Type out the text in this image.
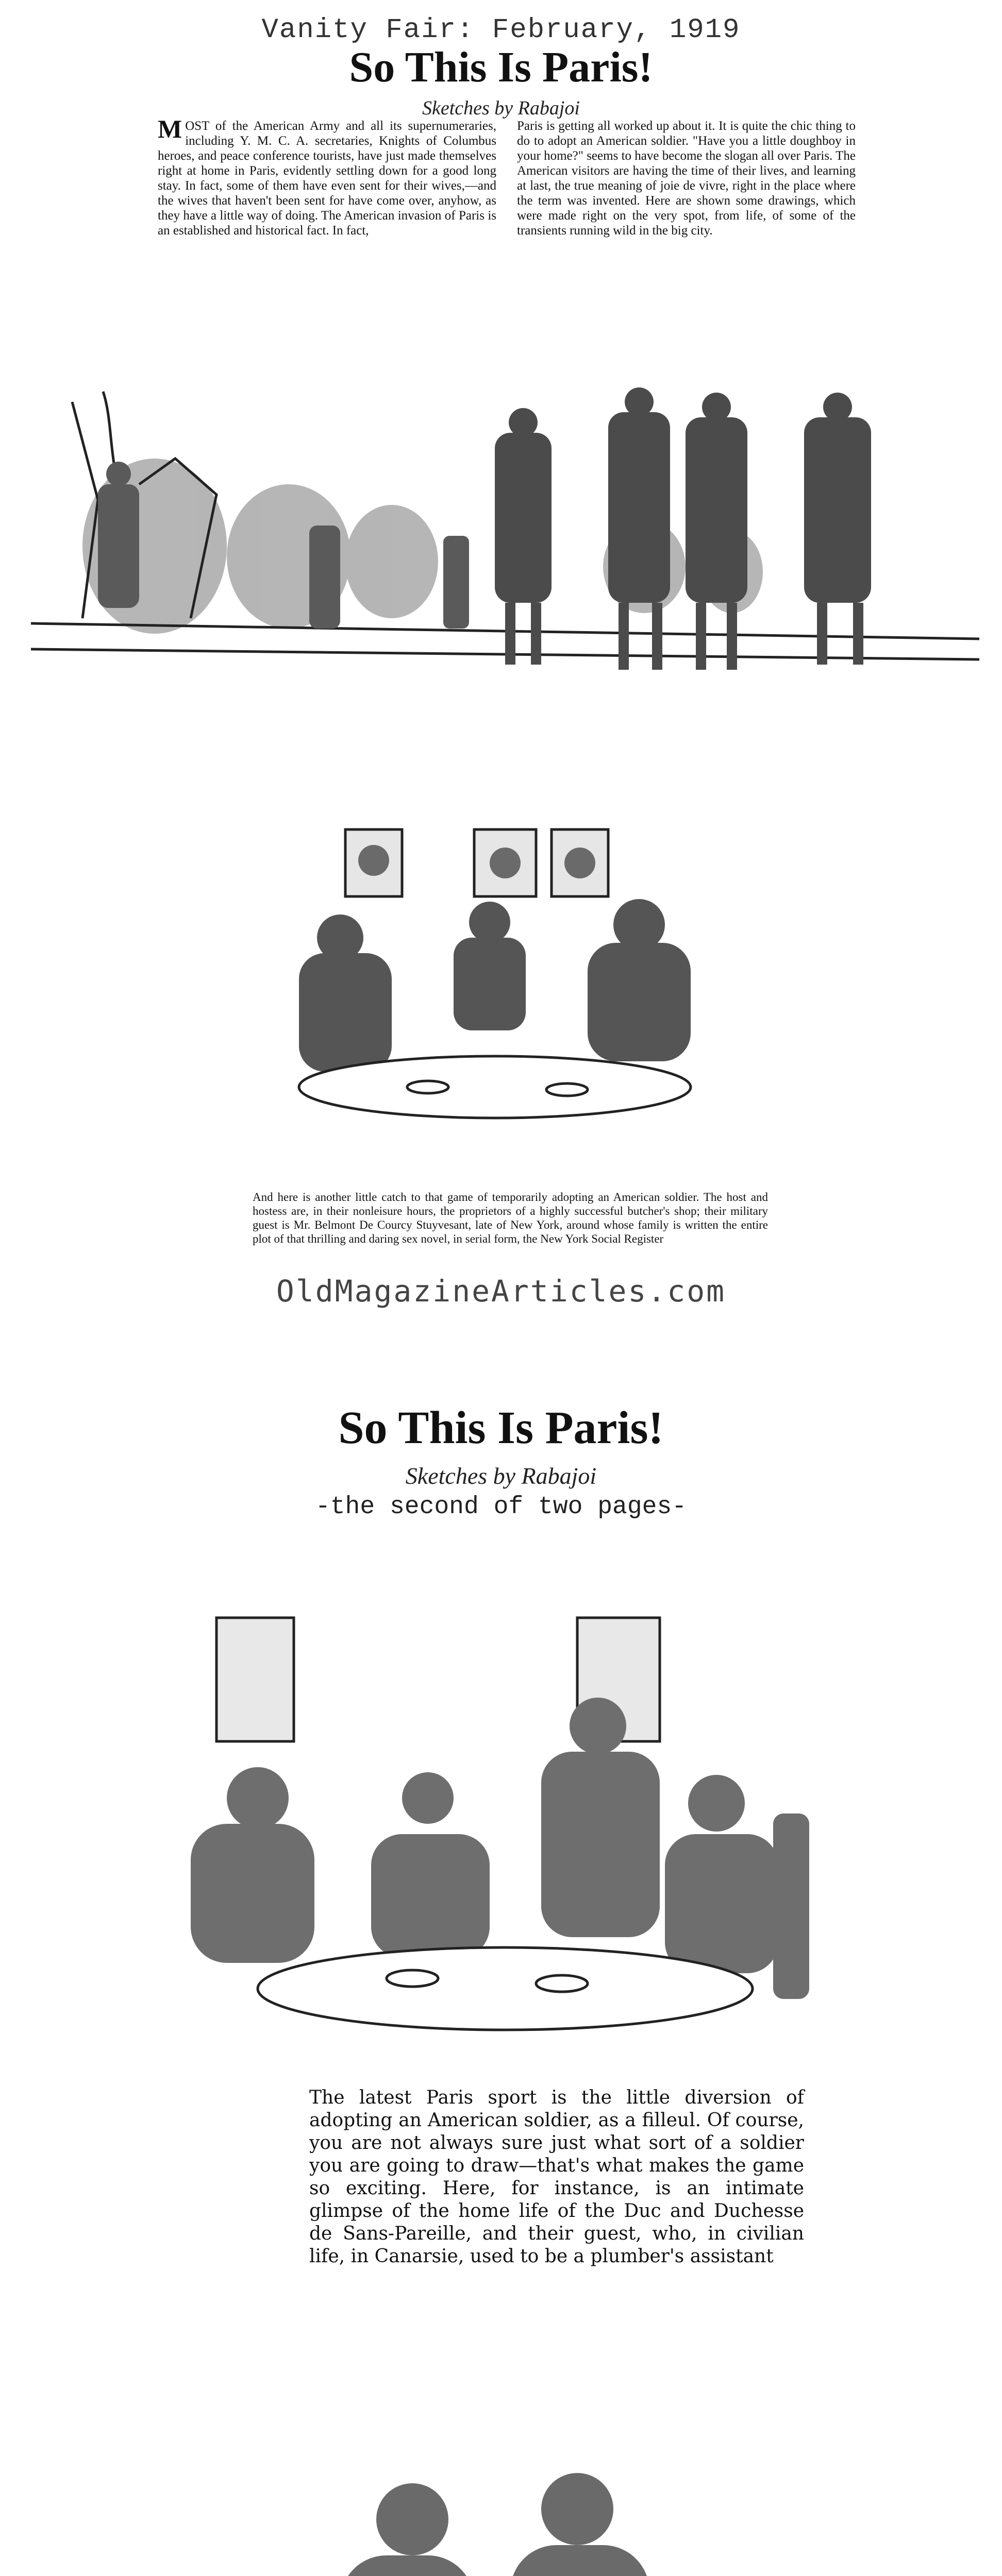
Vanity Fair: February, 1919
So This Is Paris!
Sketches by Rabajoi
MOST of the American Army and all its supernumeraries, including Y. M. C. A. secretaries, Knights of Columbus heroes, and peace conference tourists, have just made themselves right at home in Paris, evidently settling down for a good long stay. In fact, some of them have even sent for their wives,—and the wives that haven't been sent for have come over, anyhow, as they have a little way of doing. The American invasion of Paris is an established and historical fact. In fact,
Paris is getting all worked up about it. It is quite the chic thing to do to adopt an American soldier. "Have you a little doughboy in your home?" seems to have become the slogan all over Paris. The American visitors are having the time of their lives, and learning at last, the true meaning of joie de vivre, right in the place where the term was invented. Here are shown some drawings, which were made right on the very spot, from life, of some of the transients running wild in the big city.
And here is another little catch to that game of temporarily adopting an American soldier. The host and hostess are, in their nonleisure hours, the proprietors of a highly successful butcher's shop; their military guest is Mr. Belmont De Courcy Stuyvesant, late of New York, around whose family is written the entire plot of that thrilling and daring sex novel, in serial form, the New York Social Register
OldMagazineArticles.com
So This Is Paris!
Sketches by Rabajoi
-the second of two pages-
The latest Paris sport is the little diversion of adopting an American soldier, as a filleul. Of course, you are not always sure just what sort of a soldier you are going to draw—that's what makes the game so exciting. Here, for instance, is an intimate glimpse of the home life of the Duc and Duchesse de Sans-Pareille, and their guest, who, in civilian life, in Canarsie, used to be a plumber's assistant
